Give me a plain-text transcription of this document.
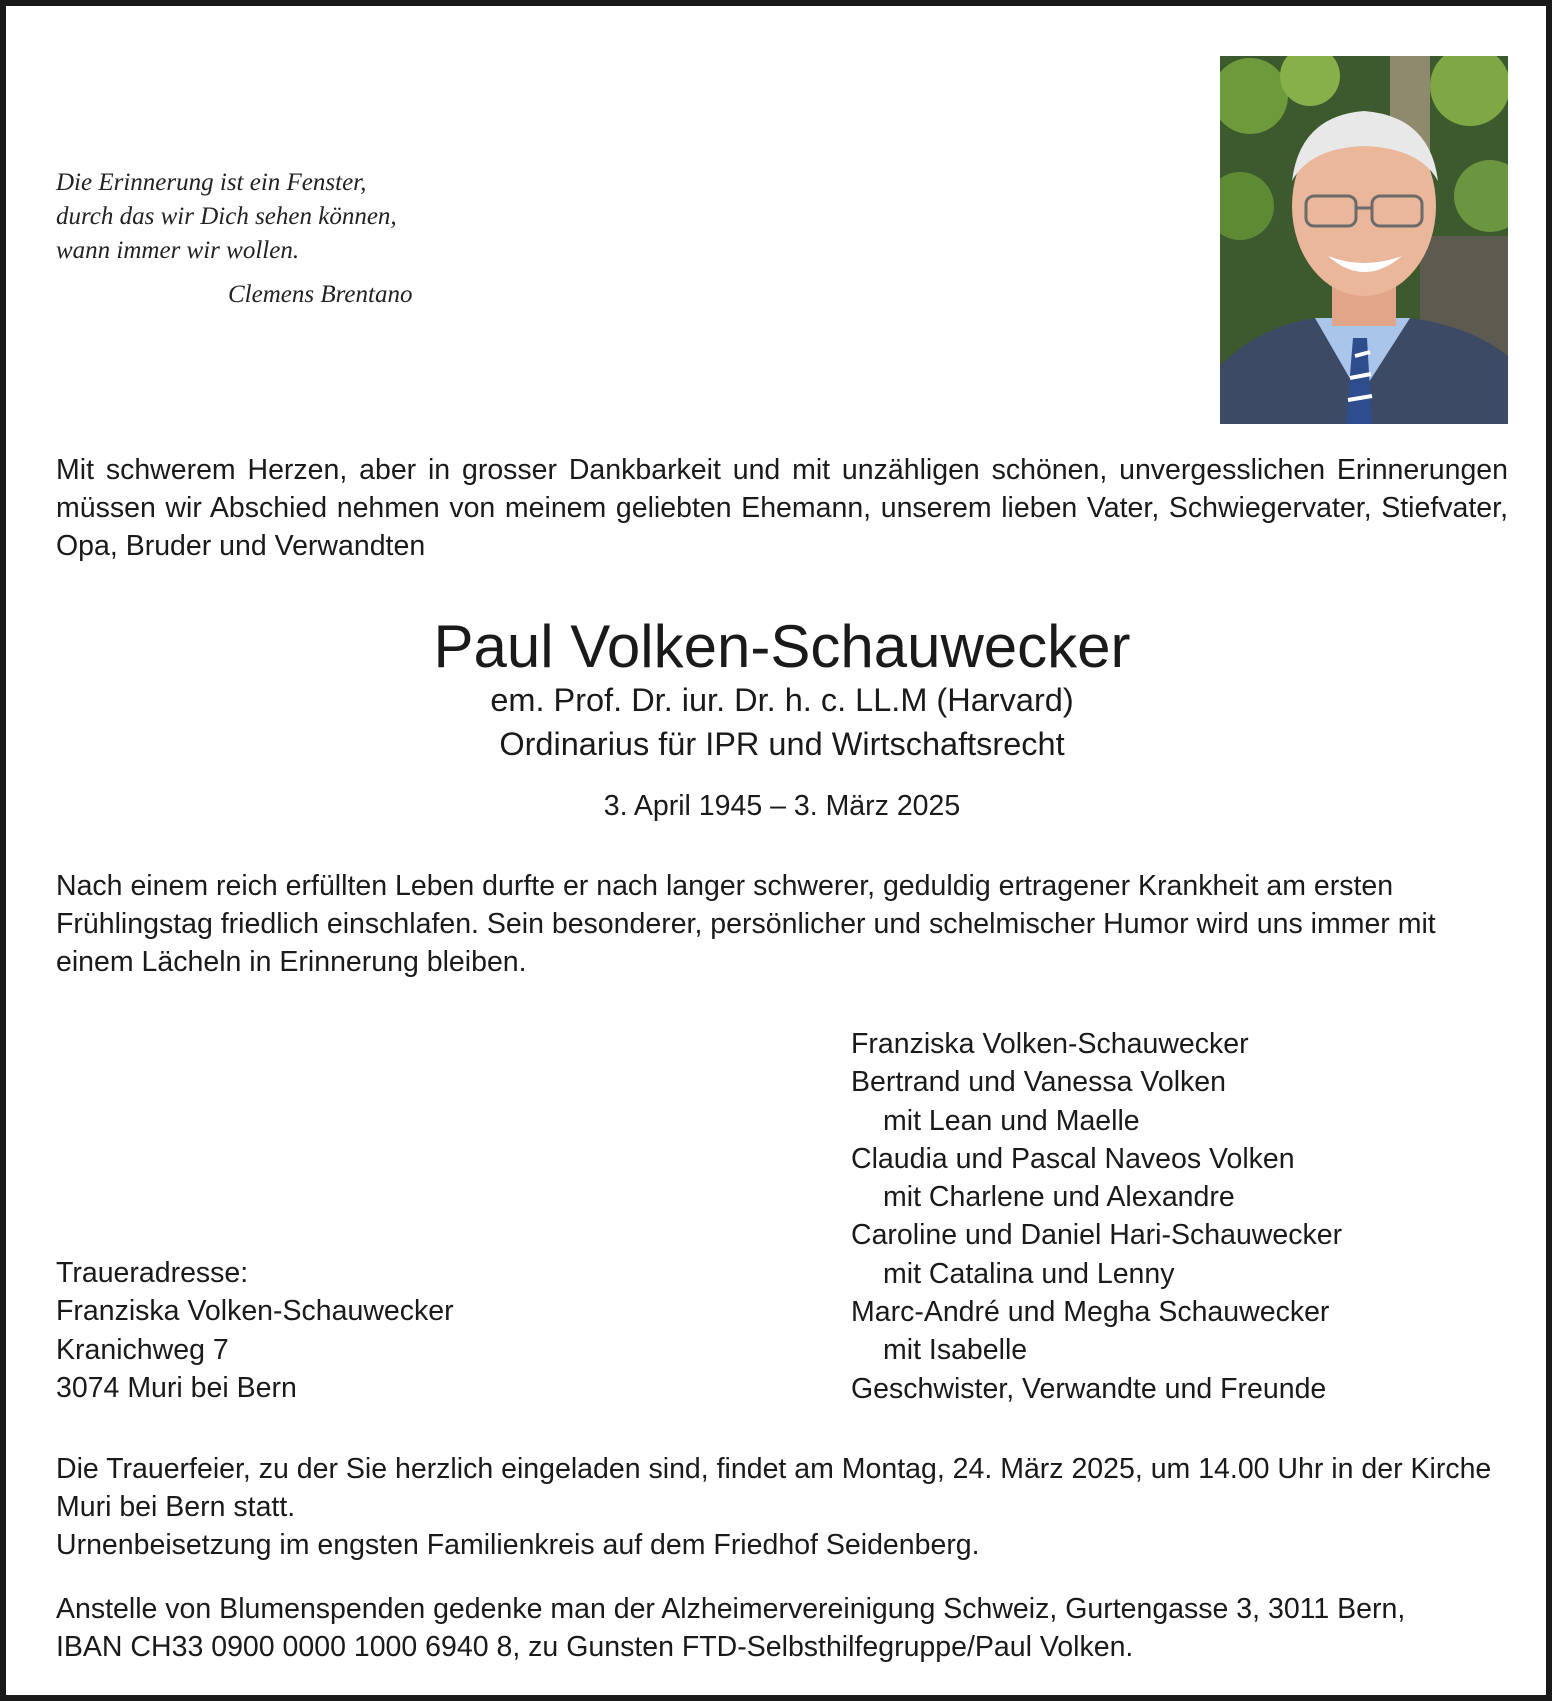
Die Erinnerung ist ein Fenster,
durch das wir Dich sehen können,
wann immer wir wollen.
Clemens Brentano
Mit schwerem Herzen, aber in grosser Dankbarkeit und mit unzähligen schönen, unvergesslichen Erinnerungen müssen wir Abschied nehmen von meinem geliebten Ehemann, unserem lieben Vater, Schwiegervater, Stiefvater, Opa, Bruder und Verwandten
Paul Volken-Schauwecker
em. Prof. Dr. iur. Dr. h. c. LL.M (Harvard)
Ordinarius für IPR und Wirtschaftsrecht
3. April 1945 – 3. März 2025
Nach einem reich erfüllten Leben durfte er nach langer schwerer, geduldig ertragener Krankheit am ersten Frühlingstag friedlich einschlafen. Sein besonderer, persönlicher und schelmischer Humor wird uns immer mit einem Lächeln in Erinnerung bleiben.
Franziska Volken-Schauwecker
Bertrand und Vanessa Volken
mit Lean und Maelle
Claudia und Pascal Naveos Volken
mit Charlene und Alexandre
Caroline und Daniel Hari-Schauwecker
mit Catalina und Lenny
Marc-André und Megha Schauwecker
mit Isabelle
Geschwister, Verwandte und Freunde
Traueradresse:
Franziska Volken-Schauwecker
Kranichweg 7
3074 Muri bei Bern
Die Trauerfeier, zu der Sie herzlich eingeladen sind, findet am Montag, 24. März 2025, um 14.00 Uhr in der Kirche Muri bei Bern statt.
Urnenbeisetzung im engsten Familienkreis auf dem Friedhof Seidenberg.
Anstelle von Blumenspenden gedenke man der Alzheimervereinigung Schweiz, Gurtengasse 3, 3011 Bern,
IBAN CH33 0900 0000 1000 6940 8, zu Gunsten FTD-Selbsthilfegruppe/Paul Volken.
